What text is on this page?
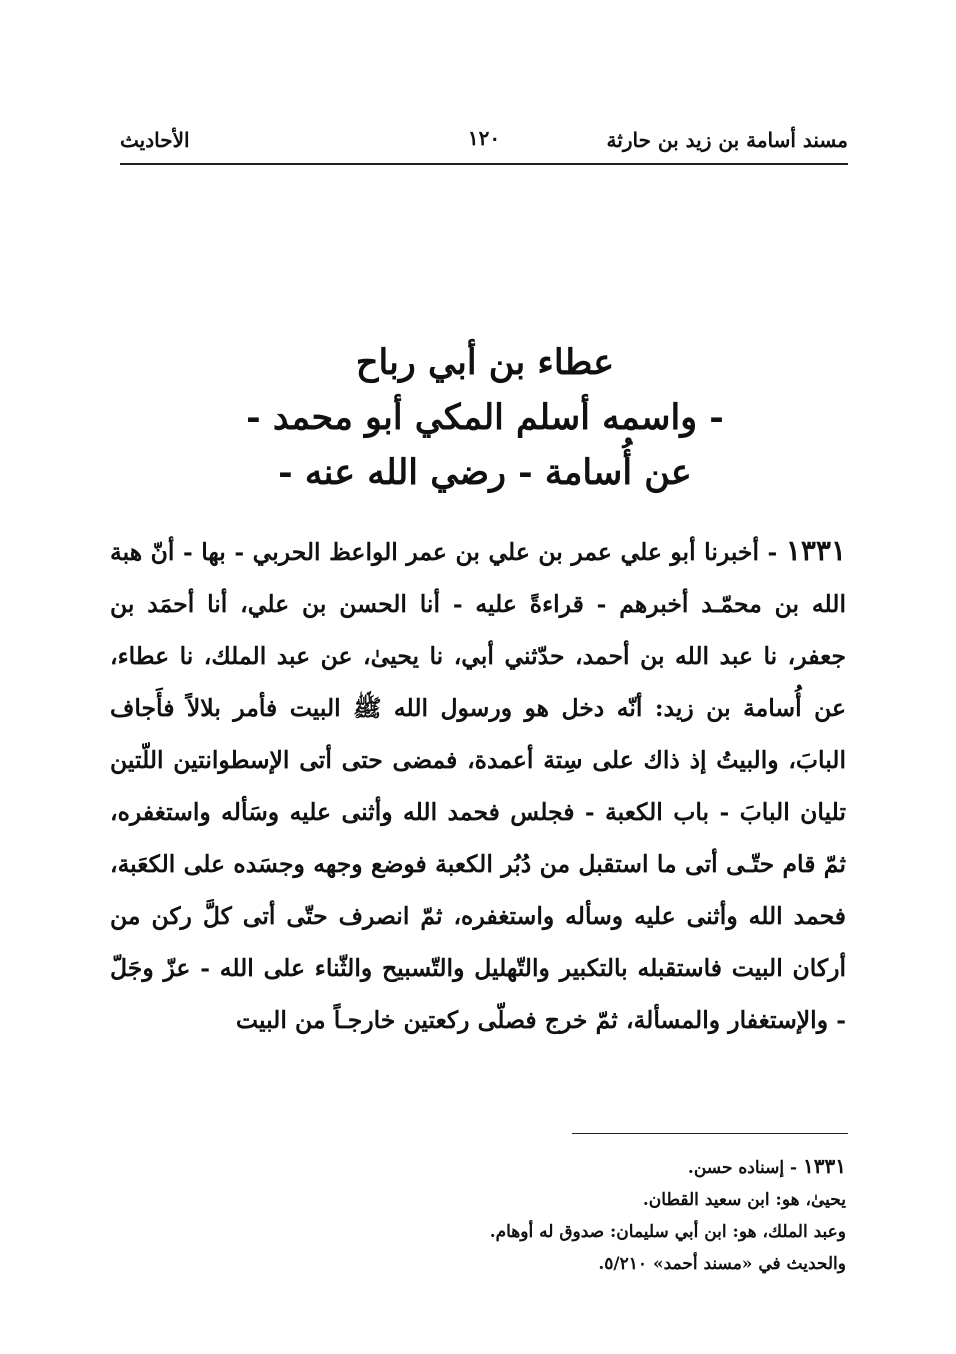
مسند أسامة بن زيد بن حارثة
١٢٠
الأحاديث
عطاء بن أبي رباح
- واسمه أسلم المكي أبو محمد -
عن أُسامة - رضي الله عنه -
١٣٣١ - أخبرنا أبو علي عمر بن علي بن عمر الواعظ الحربي - بها - أنّ هبة الله بن محمّـد أخبرهم - قراءةً عليه - أنا الحسن بن علي، أنا أحمَد بن جعفر، نا عبد الله بن أحمد، حدّثني أبي، نا يحيىٰ، عن عبد الملك، نا عطاء، عن أُسامة بن زيد: أنّه دخل هو ورسول الله ﷺ البيت فأمر بلالاً فأَجاف البابَ، والبيتُ إذ ذاك على سِتة أعمدة، فمضى حتى أتى الإسطوانتين اللّتين تليان البابَ - باب الكعبة - فجلس فحمد الله وأثنى عليه وسَأله واستغفره، ثمّ قام حتّـى أتى ما استقبل من دُبُر الكعبة فوضع وجهه وجسَده على الكعَبة، فحمد الله وأثنى عليه وسأله واستغفره، ثمّ انصرف حتّى أتى كلَّ ركن من أركان البيت فاستقبله بالتكبير والتّهليل والتّسبيح والثّناء على الله - عزّ وجَلّ - والإستغفار والمسألة، ثمّ خرج فصلّى ركعتين خارجـاً من البيت
١٣٣١ - إسناده حسن.
يحيىٰ، هو: ابن سعيد القطان.
وعبد الملك، هو: ابن أبي سليمان: صدوق له أوهام.
والحديث في «مسند أحمد» ٥/٢١٠.
